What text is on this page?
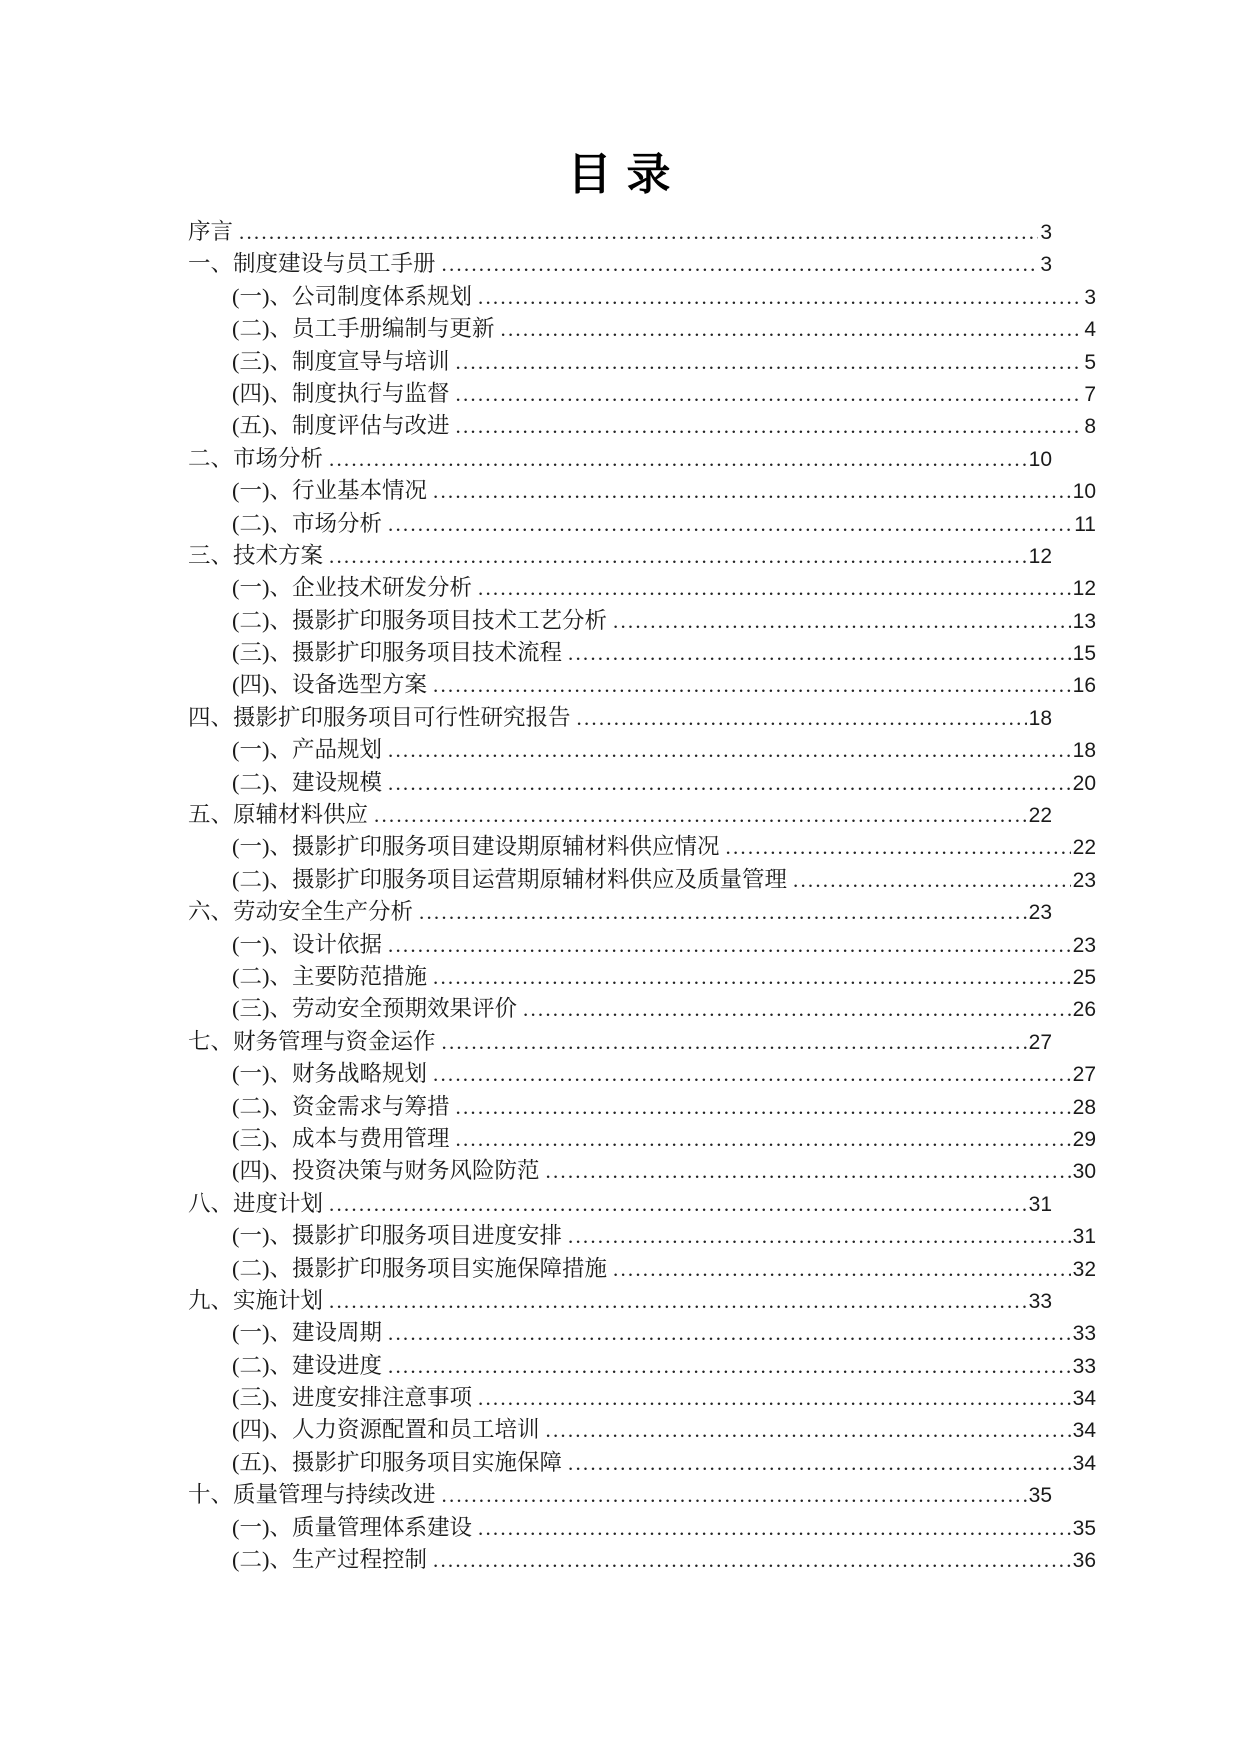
目 录
序言 .....	3
一、制度建设与员工手册 .....	3
(一)、公司制度体系规划 .....	3
(二)、员工手册编制与更新 .....	4
(三)、制度宣导与培训 .....	5
(四)、制度执行与监督 .....	7
(五)、制度评估与改进 .....	8
二、市场分析 .....	10
(一)、行业基本情况 .....	10
(二)、市场分析 .....	11
三、技术方案 .....	12
(一)、企业技术研发分析 .....	12
(二)、摄影扩印服务项目技术工艺分析 .....	13
(三)、摄影扩印服务项目技术流程 .....	15
(四)、设备选型方案 .....	16
四、摄影扩印服务项目可行性研究报告 .....	18
(一)、产品规划 .....	18
(二)、建设规模 .....	20
五、原辅材料供应 .....	22
(一)、摄影扩印服务项目建设期原辅材料供应情况 .....	22
(二)、摄影扩印服务项目运营期原辅材料供应及质量管理 .....	23
六、劳动安全生产分析 .....	23
(一)、设计依据 .....	23
(二)、主要防范措施 .....	25
(三)、劳动安全预期效果评价 .....	26
七、财务管理与资金运作 .....	27
(一)、财务战略规划 .....	27
(二)、资金需求与筹措 .....	28
(三)、成本与费用管理 .....	29
(四)、投资决策与财务风险防范 .....	30
八、进度计划 .....	31
(一)、摄影扩印服务项目进度安排 .....	31
(二)、摄影扩印服务项目实施保障措施 .....	32
九、实施计划 .....	33
(一)、建设周期 .....	33
(二)、建设进度 .....	33
(三)、进度安排注意事项 .....	34
(四)、人力资源配置和员工培训 .....	34
(五)、摄影扩印服务项目实施保障 .....	34
十、质量管理与持续改进 .....	35
(一)、质量管理体系建设 .....	35
(二)、生产过程控制 .....	36
